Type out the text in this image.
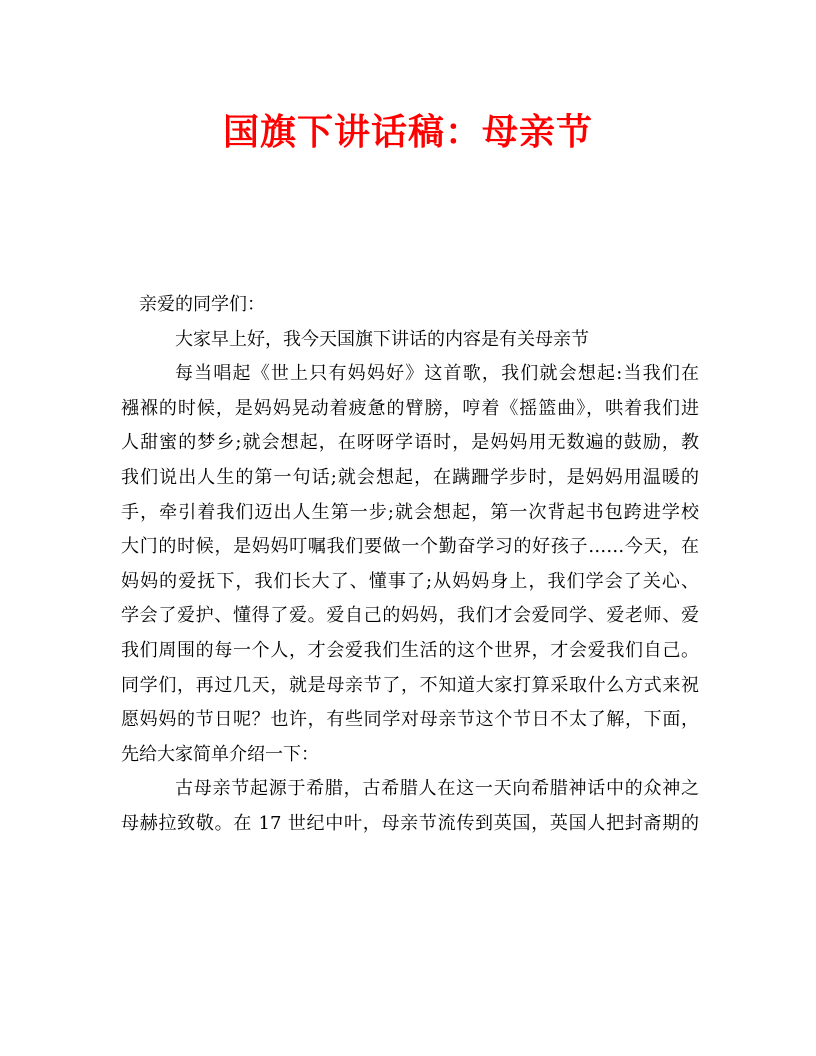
国旗下讲话稿：母亲节
亲爱的同学们：
大家早上好，我今天国旗下讲话的内容是有关母亲节
每当唱起《世上只有妈妈好》这首歌，我们就会想起:当我们在
襁褓的时候，是妈妈晃动着疲惫的臂膀，哼着《摇篮曲》，哄着我们进
人甜蜜的梦乡;就会想起，在呀呀学语时，是妈妈用无数遍的鼓励，教
我们说出人生的第一句话;就会想起，在蹒跚学步时，是妈妈用温暖的
手，牵引着我们迈出人生第一步;就会想起，第一次背起书包跨进学校
大门的时候，是妈妈叮嘱我们要做一个勤奋学习的好孩子……今天，在
妈妈的爱抚下，我们长大了、懂事了;从妈妈身上，我们学会了关心、
学会了爱护、懂得了爱。爱自己的妈妈，我们才会爱同学、爱老师、爱
我们周围的每一个人，才会爱我们生活的这个世界，才会爱我们自己。
同学们，再过几天，就是母亲节了，不知道大家打算采取什么方式来祝
愿妈妈的节日呢？也许，有些同学对母亲节这个节日不太了解，下面，
先给大家简单介绍一下：
古母亲节起源于希腊，古希腊人在这一天向希腊神话中的众神之
母赫拉致敬。在 17 世纪中叶，母亲节流传到英国，英国人把封斋期的
